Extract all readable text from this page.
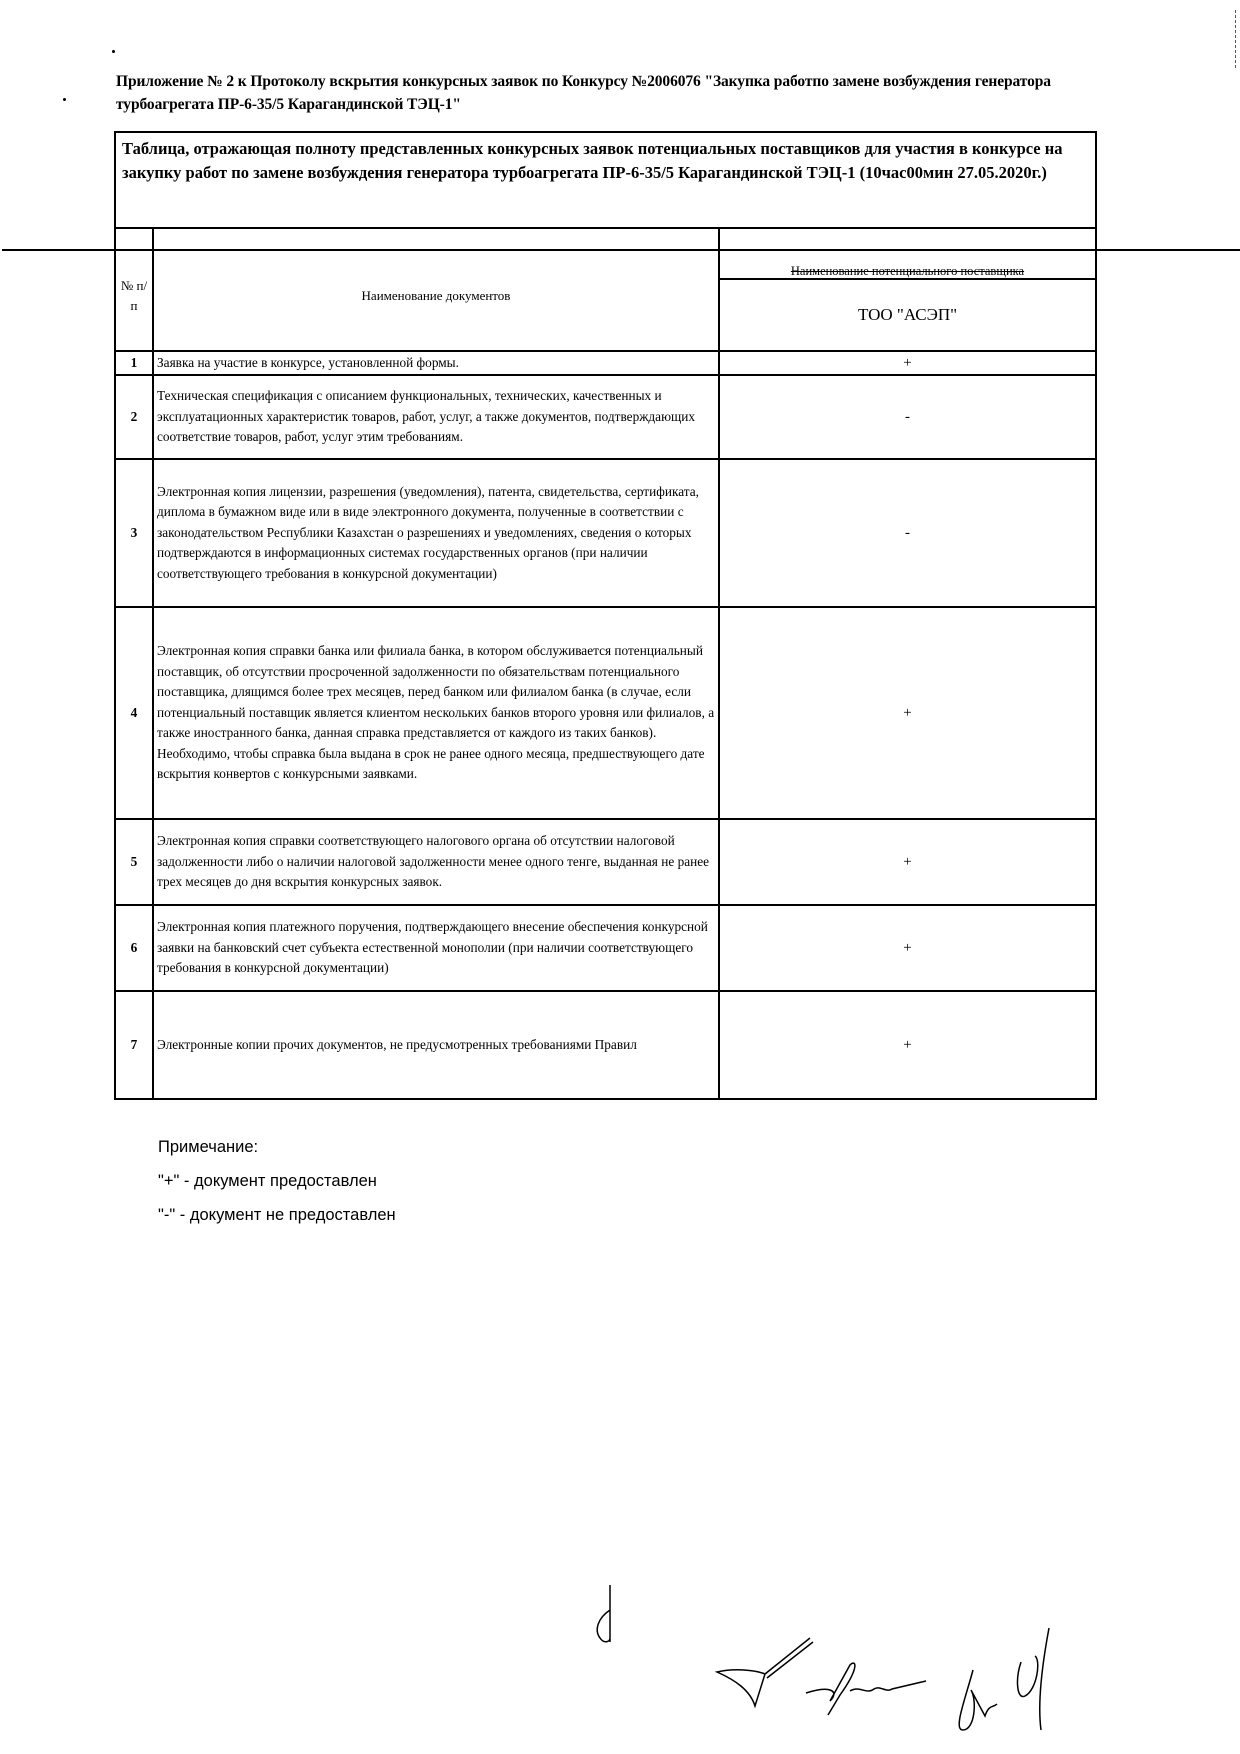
Приложение № 2 к Протоколу вскрытия конкурсных заявок по Конкурсу №2006076 "Закупка работпо замене возбуждения генератора турбоагрегата ПР-6-35/5 Карагандинской ТЭЦ-1"
Таблица, отражающая полноту представленных конкурсных заявок потенциальных поставщиков для участия в конкурсе на закупку работ по замене возбуждения генератора турбоагрегата ПР-6-35/5 Карагандинской ТЭЦ-1 (10час00мин 27.05.2020г.)

№ п/п	Наименование документов	Наименование потенциального поставщика
		ТОО "АСЭП"
1	Заявка на участие в конкурсе, установленной формы.	+
2	Техническая спецификация с описанием функциональных, технических, качественных и эксплуатационных характеристик товаров, работ, услуг, а также документов, подтверждающих соответствие товаров, работ, услуг этим требованиям.	-
3	Электронная копия лицензии, разрешения (уведомления), патента, свидетельства, сертификата, диплома в бумажном виде или в виде электронного документа, полученные в соответствии с законодательством Республики Казахстан о разрешениях и уведомлениях, сведения о которых подтверждаются в информационных системах государственных органов (при наличии соответствующего требования в конкурсной документации)	-
4	Электронная копия справки банка или филиала банка, в котором обслуживается потенциальный поставщик, об отсутствии просроченной задолженности по обязательствам потенциального поставщика, длящимся более трех месяцев, перед банком или филиалом банка (в случае, если потенциальный поставщик является клиентом нескольких банков второго уровня или филиалов, а также иностранного банка, данная справка представляется от каждого из таких банков). Необходимо, чтобы справка была выдана в срок не ранее одного месяца, предшествующего дате вскрытия конвертов с конкурсными заявками.	+
5	Электронная копия справки соответствующего налогового органа об отсутствии налоговой задолженности либо о наличии налоговой задолженности менее одного тенге, выданная не ранее трех месяцев до дня вскрытия конкурсных заявок.	+
6	Электронная копия платежного поручения, подтверждающего внесение обеспечения конкурсной заявки на банковский счет субъекта естественной монополии (при наличии соответствующего требования в конкурсной документации)	+
7	Электронные копии прочих документов, не предусмотренных требованиями Правил	+
Примечание:
"+" - документ предоставлен
"-" - документ не предоставлен
